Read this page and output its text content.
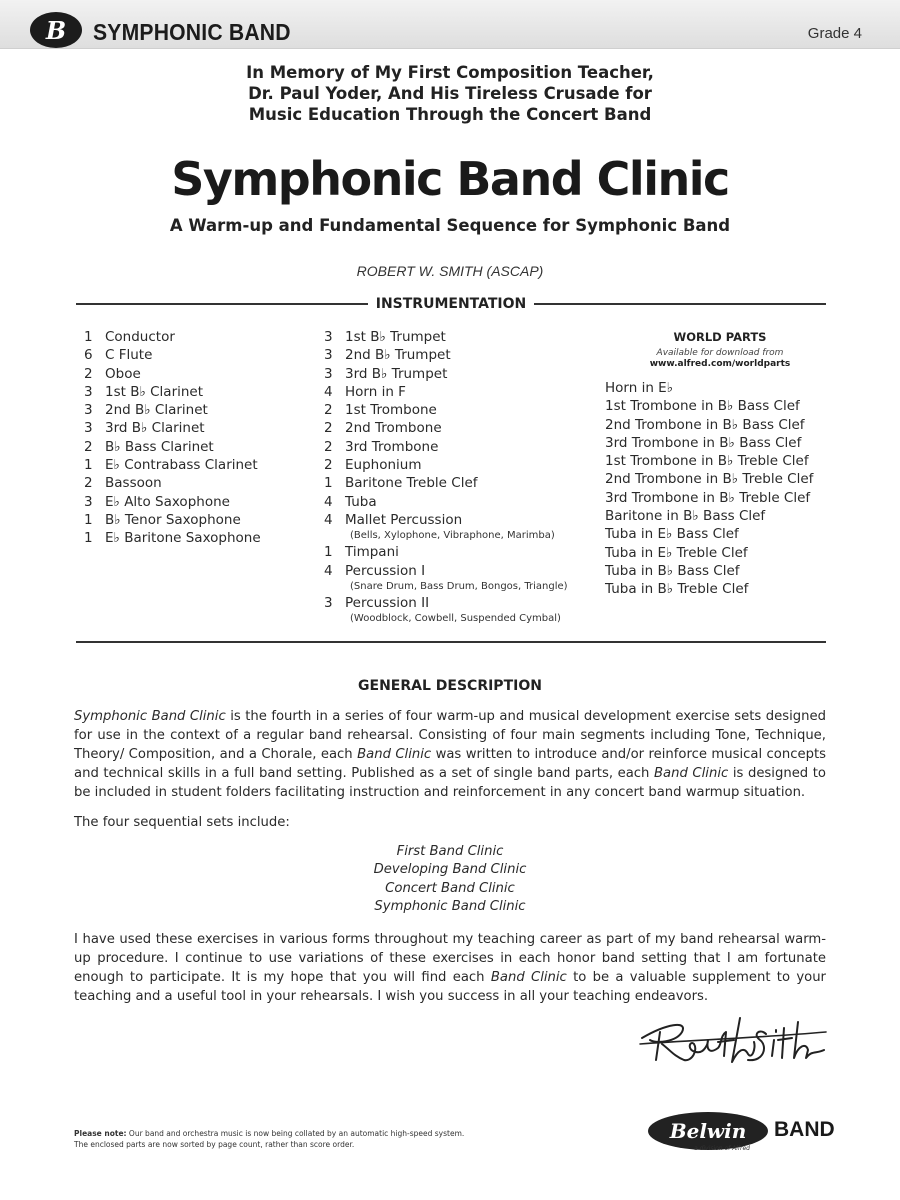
B	SYMPHONIC BAND	Grade 4
In Memory of My First Composition Teacher,
Dr. Paul Yoder, And His Tireless Crusade for
Music Education Through the Concert Band
Symphonic Band Clinic
A Warm-up and Fundamental Sequence for Symphonic Band
ROBERT W. SMITH (ASCAP)
INSTRUMENTATION
1 Conductor
6 C Flute
2 Oboe
3 1st B♭ Clarinet
3 2nd B♭ Clarinet
3 3rd B♭ Clarinet
2 B♭ Bass Clarinet
1 E♭ Contrabass Clarinet
2 Bassoon
3 E♭ Alto Saxophone
1 B♭ Tenor Saxophone
1 E♭ Baritone Saxophone
3 1st B♭ Trumpet
3 2nd B♭ Trumpet
3 3rd B♭ Trumpet
4 Horn in F
2 1st Trombone
2 2nd Trombone
2 3rd Trombone
2 Euphonium
1 Baritone Treble Clef
4 Tuba
4 Mallet Percussion
(Bells, Xylophone, Vibraphone, Marimba)
1 Timpani
4 Percussion I
(Snare Drum, Bass Drum, Bongos, Triangle)
3 Percussion II
(Woodblock, Cowbell, Suspended Cymbal)
WORLD PARTS
Available for download from
www.alfred.com/worldparts
Horn in E♭
1st Trombone in B♭ Bass Clef
2nd Trombone in B♭ Bass Clef
3rd Trombone in B♭ Bass Clef
1st Trombone in B♭ Treble Clef
2nd Trombone in B♭ Treble Clef
3rd Trombone in B♭ Treble Clef
Baritone in B♭ Bass Clef
Tuba in E♭ Bass Clef
Tuba in E♭ Treble Clef
Tuba in B♭ Bass Clef
Tuba in B♭ Treble Clef
GENERAL DESCRIPTION

Symphonic Band Clinic is the fourth in a series of four warm-up and musical development exercise sets designed for use in the context of a regular band rehearsal. Consisting of four main segments including Tone, Technique, Theory/ Composition, and a Chorale, each Band Clinic was written to introduce and/or reinforce musical concepts and technical skills in a full band setting. Published as a set of single band parts, each Band Clinic is designed to be included in student folders facilitating instruction and reinforcement in any concert band warmup situation.

The four sequential sets include:

First Band Clinic
Developing Band Clinic
Concert Band Clinic
Symphonic Band Clinic

I have used these exercises in various forms throughout my teaching career as part of my band rehearsal warm-up procedure. I continue to use variations of these exercises in each honor band setting that I am fortunate enough to participate. It is my hope that you will find each Band Clinic to be a valuable supplement to your teaching and a useful tool in your rehearsals. I wish you success in all your teaching endeavors.

Please note: Our band and orchestra music is now being collated by an automatic high-speed system.
The enclosed parts are now sorted by page count, rather than score order.
Belwin	BAND
a division of Alfred
